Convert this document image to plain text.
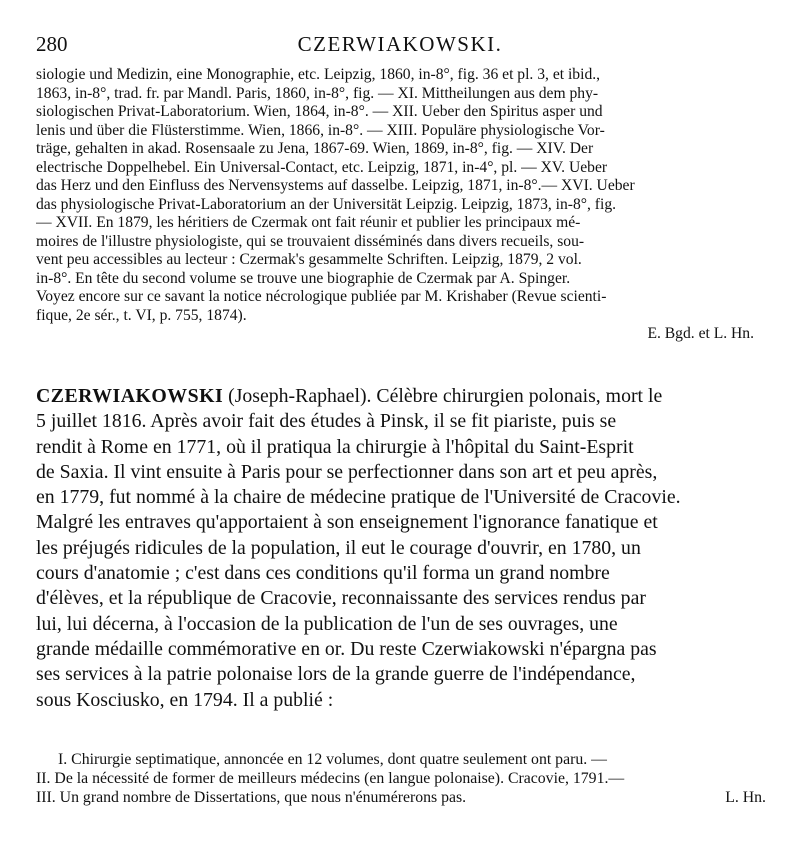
280	CZERWIAKOWSKI.
siologie und Medizin, eine Monographie, etc. Leipzig, 1860, in-8°, fig. 36 et pl. 3, et ibid.,
1863, in-8°, trad. fr. par Mandl. Paris, 1860, in-8°, fig. — XI. Mittheilungen aus dem phy-
siologischen Privat-Laboratorium. Wien, 1864, in-8°. — XII. Ueber den Spiritus asper und
lenis und über die Flüsterstimme. Wien, 1866, in-8°. — XIII. Populäre physiologische Vor-
träge, gehalten in akad. Rosensaale zu Jena, 1867-69. Wien, 1869, in-8°, fig. — XIV. Der
electrische Doppelhebel. Ein Universal-Contact, etc. Leipzig, 1871, in-4°, pl. — XV. Ueber
das Herz und den Einfluss des Nervensystems auf dasselbe. Leipzig, 1871, in-8°.— XVI. Ueber
das physiologische Privat-Laboratorium an der Universität Leipzig. Leipzig, 1873, in-8°, fig.
— XVII. En 1879, les héritiers de Czermak ont fait réunir et publier les principaux mé-
moires de l'illustre physiologiste, qui se trouvaient disséminés dans divers recueils, sou-
vent peu accessibles au lecteur : Czermak's gesammelte Schriften. Leipzig, 1879, 2 vol.
in-8°. En tête du second volume se trouve une biographie de Czermak par A. Spinger.
Voyez encore sur ce savant la notice nécrologique publiée par M. Krishaber (Revue scienti-
fique, 2e sér., t. VI, p. 755, 1874).
E. Bgd. et L. Hn.
CZERWIAKOWSKI (Joseph-Raphael). Célèbre chirurgien polonais, mort le
5 juillet 1816. Après avoir fait des études à Pinsk, il se fit piariste, puis se
rendit à Rome en 1771, où il pratiqua la chirurgie à l'hôpital du Saint-Esprit
de Saxia. Il vint ensuite à Paris pour se perfectionner dans son art et peu après,
en 1779, fut nommé à la chaire de médecine pratique de l'Université de Cracovie.
Malgré les entraves qu'apportaient à son enseignement l'ignorance fanatique et
les préjugés ridicules de la population, il eut le courage d'ouvrir, en 1780, un
cours d'anatomie ; c'est dans ces conditions qu'il forma un grand nombre
d'élèves, et la république de Cracovie, reconnaissante des services rendus par
lui, lui décerna, à l'occasion de la publication de l'un de ses ouvrages, une
grande médaille commémorative en or. Du reste Czerwiakowski n'épargna pas
ses services à la patrie polonaise lors de la grande guerre de l'indépendance,
sous Kosciusko, en 1794. Il a publié :
I. Chirurgie septimatique, annoncée en 12 volumes, dont quatre seulement ont paru. —
II. De la nécessité de former de meilleurs médecins (en langue polonaise). Cracovie, 1791.—
III. Un grand nombre de Dissertations, que nous n'énumérerons pas.	L. Hn.
